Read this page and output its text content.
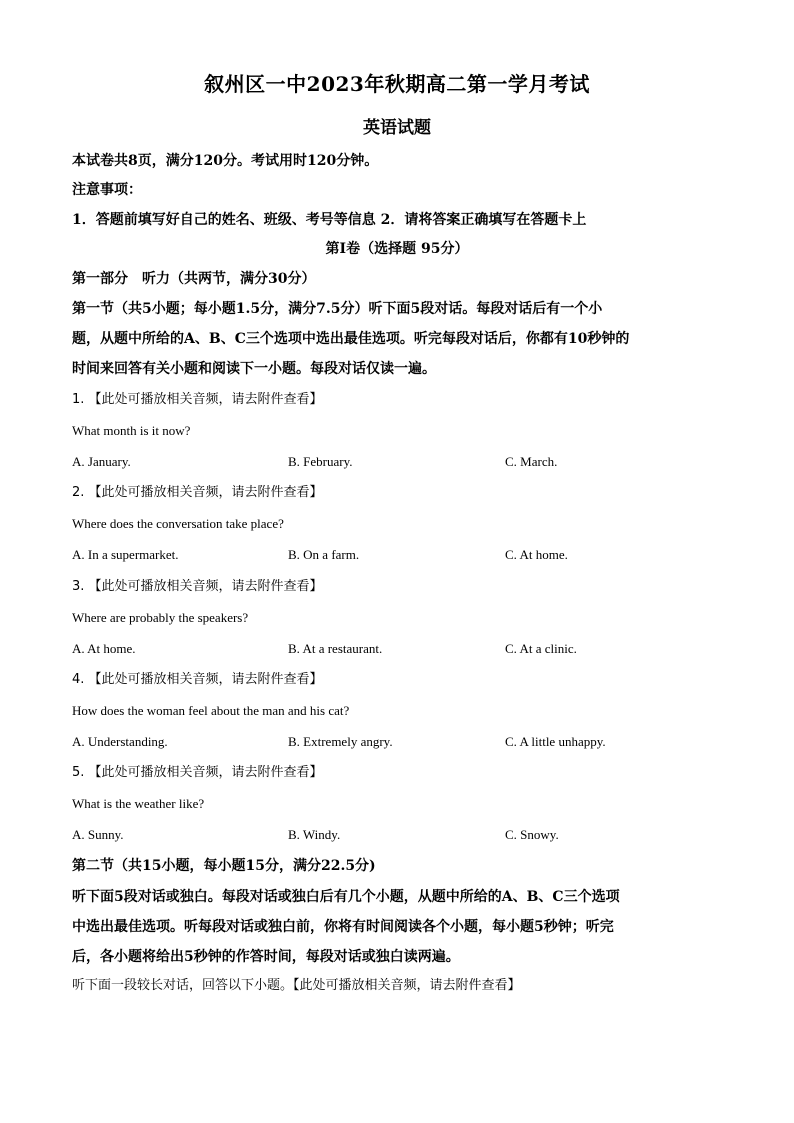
叙州区一中2023年秋期高二第一学月考试
英语试题
本试卷共8页，满分120分。考试用时120分钟。
注意事项：
1．答题前填写好自己的姓名、班级、考号等信息 2．请将答案正确填写在答题卡上
第I卷（选择题 95分）
第一部分　听力（共两节，满分30分）
第一节（共5小题；每小题1.5分，满分7.5分）听下面5段对话。每段对话后有一个小
题，从题中所给的A、B、C三个选项中选出最佳选项。听完每段对话后，你都有10秒钟的
时间来回答有关小题和阅读下一小题。每段对话仅读一遍。
1. 【此处可播放相关音频，请去附件查看】
What month is it now?
A. January.	B. February.	C. March.
2. 【此处可播放相关音频，请去附件查看】
Where does the conversation take place?
A. In a supermarket.	B. On a farm.	C. At home.
3. 【此处可播放相关音频，请去附件查看】
Where are probably the speakers?
A. At home.	B. At a restaurant.	C. At a clinic.
4. 【此处可播放相关音频，请去附件查看】
How does the woman feel about the man and his cat?
A. Understanding.	B. Extremely angry.	C. A little unhappy.
5. 【此处可播放相关音频，请去附件查看】
What is the weather like?
A. Sunny.	B. Windy.	C. Snowy.
第二节（共15小题，每小题15分，满分22.5分)
听下面5段对话或独白。每段对话或独白后有几个小题，从题中所给的A、B、C三个选项
中选出最佳选项。听每段对话或独白前，你将有时间阅读各个小题，每小题5秒钟；听完
后，各小题将给出5秒钟的作答时间，每段对话或独白读两遍。
听下面一段较长对话，回答以下小题。【此处可播放相关音频，请去附件查看】
